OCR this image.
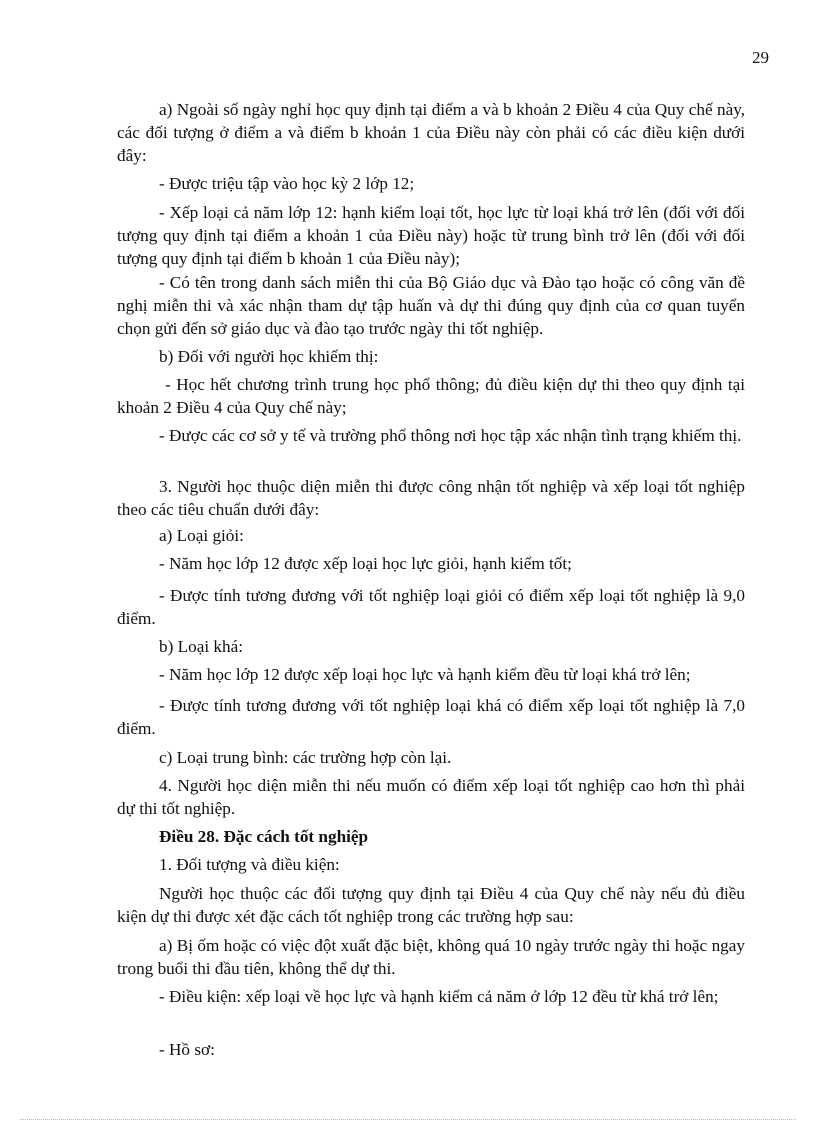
29
a) Ngoài số ngày nghỉ học quy định tại điểm a và b khoản 2 Điều 4 của Quy chế này, các đối tượng ở điểm a và điểm b khoản 1 của Điều này còn phải có các điều kiện dưới đây:
- Được triệu tập vào học kỳ 2 lớp 12;
- Xếp loại cả năm lớp 12: hạnh kiểm loại tốt, học lực từ loại khá trở lên (đối với đối tượng quy định tại điểm a khoản 1 của Điều này) hoặc từ trung bình trở lên (đối với đối tượng quy định tại điểm b khoản 1 của Điều này);
- Có tên trong danh sách miễn thi của Bộ Giáo dục và Đào tạo hoặc có công văn đề nghị miễn thi và xác nhận tham dự tập huấn và dự thi đúng quy định của cơ quan tuyển chọn gửi đến sở giáo dục và đào tạo trước ngày thi tốt nghiệp.
b) Đối với người học khiếm thị:
- Học hết chương trình trung học phổ thông; đủ điều kiện dự thi theo quy định tại khoản 2 Điều 4 của Quy chế này;
- Được các cơ sở y tế và trường phổ thông nơi học tập xác nhận tình trạng khiếm thị.
3. Người học thuộc diện miễn thi được công nhận tốt nghiệp và xếp loại tốt nghiệp theo các tiêu chuẩn dưới đây:
a) Loại giỏi:
- Năm học lớp 12 được xếp loại học lực giỏi, hạnh kiểm tốt;
- Được tính tương đương với tốt nghiệp loại giỏi có điểm xếp loại tốt nghiệp là 9,0 điểm.
b) Loại khá:
- Năm học lớp 12 được xếp loại học lực và hạnh kiểm đều từ loại khá trở lên;
- Được tính tương đương với tốt nghiệp loại khá có điểm xếp loại tốt nghiệp là 7,0 điểm.
c) Loại trung bình: các trường hợp còn lại.
4. Người học diện miễn thi nếu muốn có điểm xếp loại tốt nghiệp cao hơn thì phải dự thi tốt nghiệp.
Điều 28. Đặc cách tốt nghiệp
1. Đối tượng và điều kiện:
Người học thuộc các đối tượng quy định tại Điều 4 của Quy chế này nếu đủ điều kiện dự thi được xét đặc cách tốt nghiệp trong các trường hợp sau:
a) Bị ốm hoặc có việc đột xuất đặc biệt, không quá 10 ngày trước ngày thi hoặc ngay trong buổi thi đầu tiên, không thể dự thi.
- Điều kiện: xếp loại về học lực và hạnh kiểm cả năm ở lớp 12 đều từ khá trở lên;
- Hồ sơ:
